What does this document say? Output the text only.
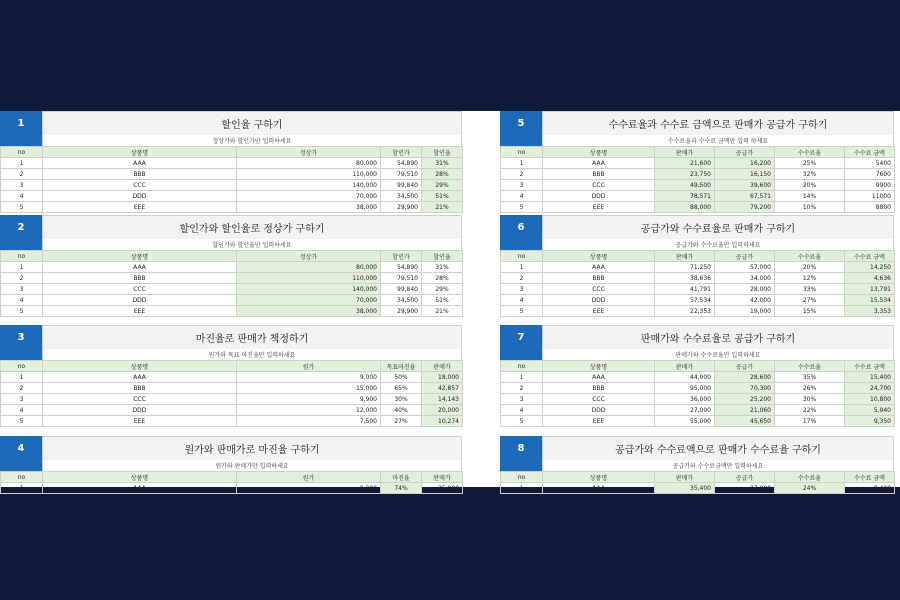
1	할인율 구하기
정상가와 할인가만 입력하세요
no	상품명	정상가	할인가	할인율
1	AAA	80,000	54,890	31%
2	BBB	110,000	79,510	28%
3	CCC	140,000	99,840	29%
4	DDD	70,000	34,500	51%
5	EEE	38,000	29,900	21%
2	할인가와 할인율로 정상가 구하기
할인가와 할인율만 입력하세요
no	상품명	정상가	할인가	할인율
1	AAA	80,000	54,890	31%
2	BBB	110,000	79,510	28%
3	CCC	140,000	99,840	29%
4	DDD	70,000	34,500	51%
5	EEE	38,000	29,900	21%
3	마진율로 판매가 책정하기
원가와 목표 마진율만 입력하세요
no	상품명	원가	목표마진율	판매가
1	AAA	9,000	50%	18,000
2	BBB	15,000	65%	42,857
3	CCC	9,900	30%	14,143
4	DDD	12,000	40%	20,000
5	EEE	7,500	27%	10,274
4	원가와 판매가로 마진율 구하기
원가와 판매가만 입력하세요
no	상품명	원가	마진율	판매가
1	AAA	9,000	74%	35,000
5	수수료율과 수수료 금액으로 판매가 공급가 구하기
수수료율과 수수료 금액만 입력 하세요
no	상품명	판매가	공급가	수수료율	수수료 금액
1	AAA	21,600	16,200	25%	5400
2	BBB	23,750	16,150	32%	7600
3	CCC	49,500	39,600	20%	9900
4	DDD	78,571	67,571	14%	11000
5	EEE	88,000	79,200	10%	8800
6	공급가와 수수료율로 판매가 구하기
공급가와 수수료율만 입력하세요
no	상품명	판매가	공급가	수수료율	수수료 금액
1	AAA	71,250	57,000	20%	14,250
2	BBB	38,636	34,000	12%	4,636
3	CCC	41,791	28,000	33%	13,791
4	DDD	57,534	42,000	27%	15,534
5	EEE	22,353	19,000	15%	3,353
7	판매가와 수수료율로 공급가 구하기
판매가와 수수료율만 입력하세요
no	상품명	판매가	공급가	수수료율	수수료 금액
1	AAA	44,000	28,600	35%	15,400
2	BBB	95,000	70,300	26%	24,700
3	CCC	36,000	25,200	30%	10,800
4	DDD	27,000	21,060	22%	5,940
5	EEE	55,000	45,650	17%	9,350
8	공급가와 수수료액으로 판매가 수수료율 구하기
공급가와 수수료금액만 입력하세요
no	상품명	판매가	공급가	수수료율	수수료 금액
1	AAA	35,400	27,000	24%	8,400
